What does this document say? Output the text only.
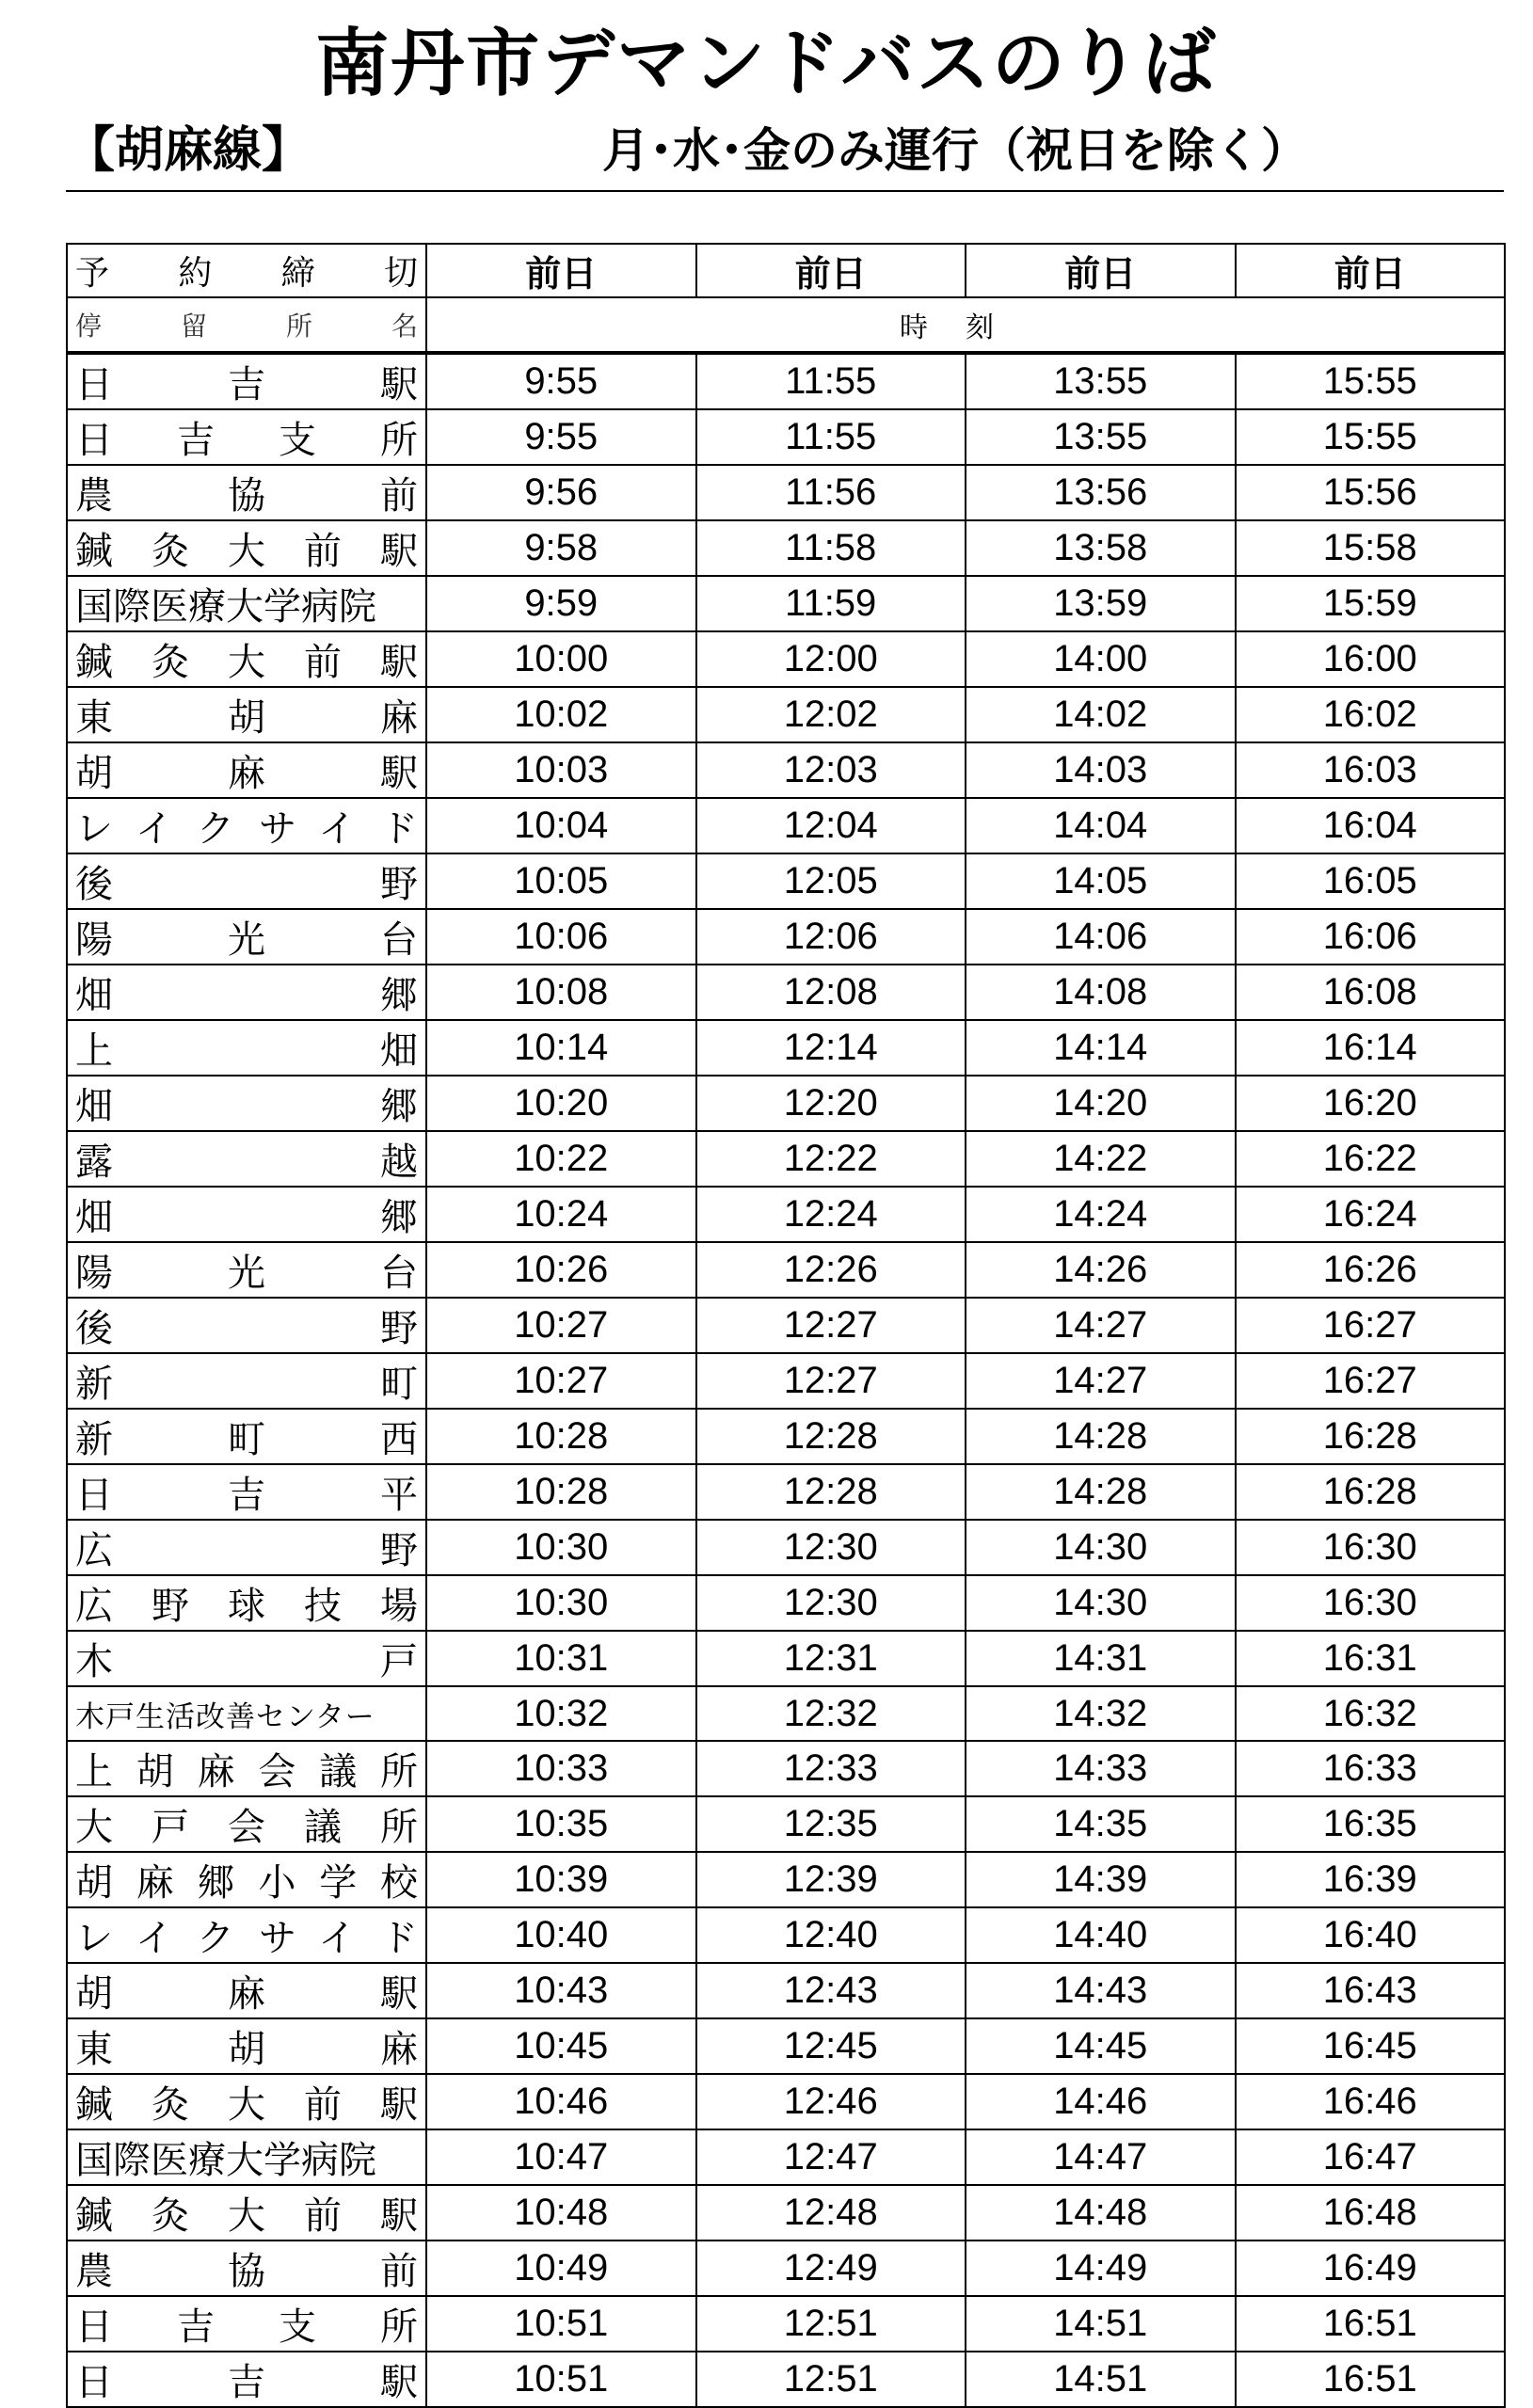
南丹市デマンドバスのりば
【胡麻線】	月･水･金のみ運行（祝日を除く）
予約締切	前日	前日	前日	前日
停留所名	時刻			
日吉駅	9:55	11:55	13:55	15:55
日吉支所	9:55	11:55	13:55	15:55
農協前	9:56	11:56	13:56	15:56
鍼灸大前駅	9:58	11:58	13:58	15:58
国際医療大学病院	9:59	11:59	13:59	15:59
鍼灸大前駅	10:00	12:00	14:00	16:00
東胡麻	10:02	12:02	14:02	16:02
胡麻駅	10:03	12:03	14:03	16:03
レイクサイド	10:04	12:04	14:04	16:04
後野	10:05	12:05	14:05	16:05
陽光台	10:06	12:06	14:06	16:06
畑郷	10:08	12:08	14:08	16:08
上畑	10:14	12:14	14:14	16:14
畑郷	10:20	12:20	14:20	16:20
露越	10:22	12:22	14:22	16:22
畑郷	10:24	12:24	14:24	16:24
陽光台	10:26	12:26	14:26	16:26
後野	10:27	12:27	14:27	16:27
新町	10:27	12:27	14:27	16:27
新町西	10:28	12:28	14:28	16:28
日吉平	10:28	12:28	14:28	16:28
広野	10:30	12:30	14:30	16:30
広野球技場	10:30	12:30	14:30	16:30
木戸	10:31	12:31	14:31	16:31
木戸生活改善センター	10:32	12:32	14:32	16:32
上胡麻会議所	10:33	12:33	14:33	16:33
大戸会議所	10:35	12:35	14:35	16:35
胡麻郷小学校	10:39	12:39	14:39	16:39
レイクサイド	10:40	12:40	14:40	16:40
胡麻駅	10:43	12:43	14:43	16:43
東胡麻	10:45	12:45	14:45	16:45
鍼灸大前駅	10:46	12:46	14:46	16:46
国際医療大学病院	10:47	12:47	14:47	16:47
鍼灸大前駅	10:48	12:48	14:48	16:48
農協前	10:49	12:49	14:49	16:49
日吉支所	10:51	12:51	14:51	16:51
日吉駅	10:51	12:51	14:51	16:51
